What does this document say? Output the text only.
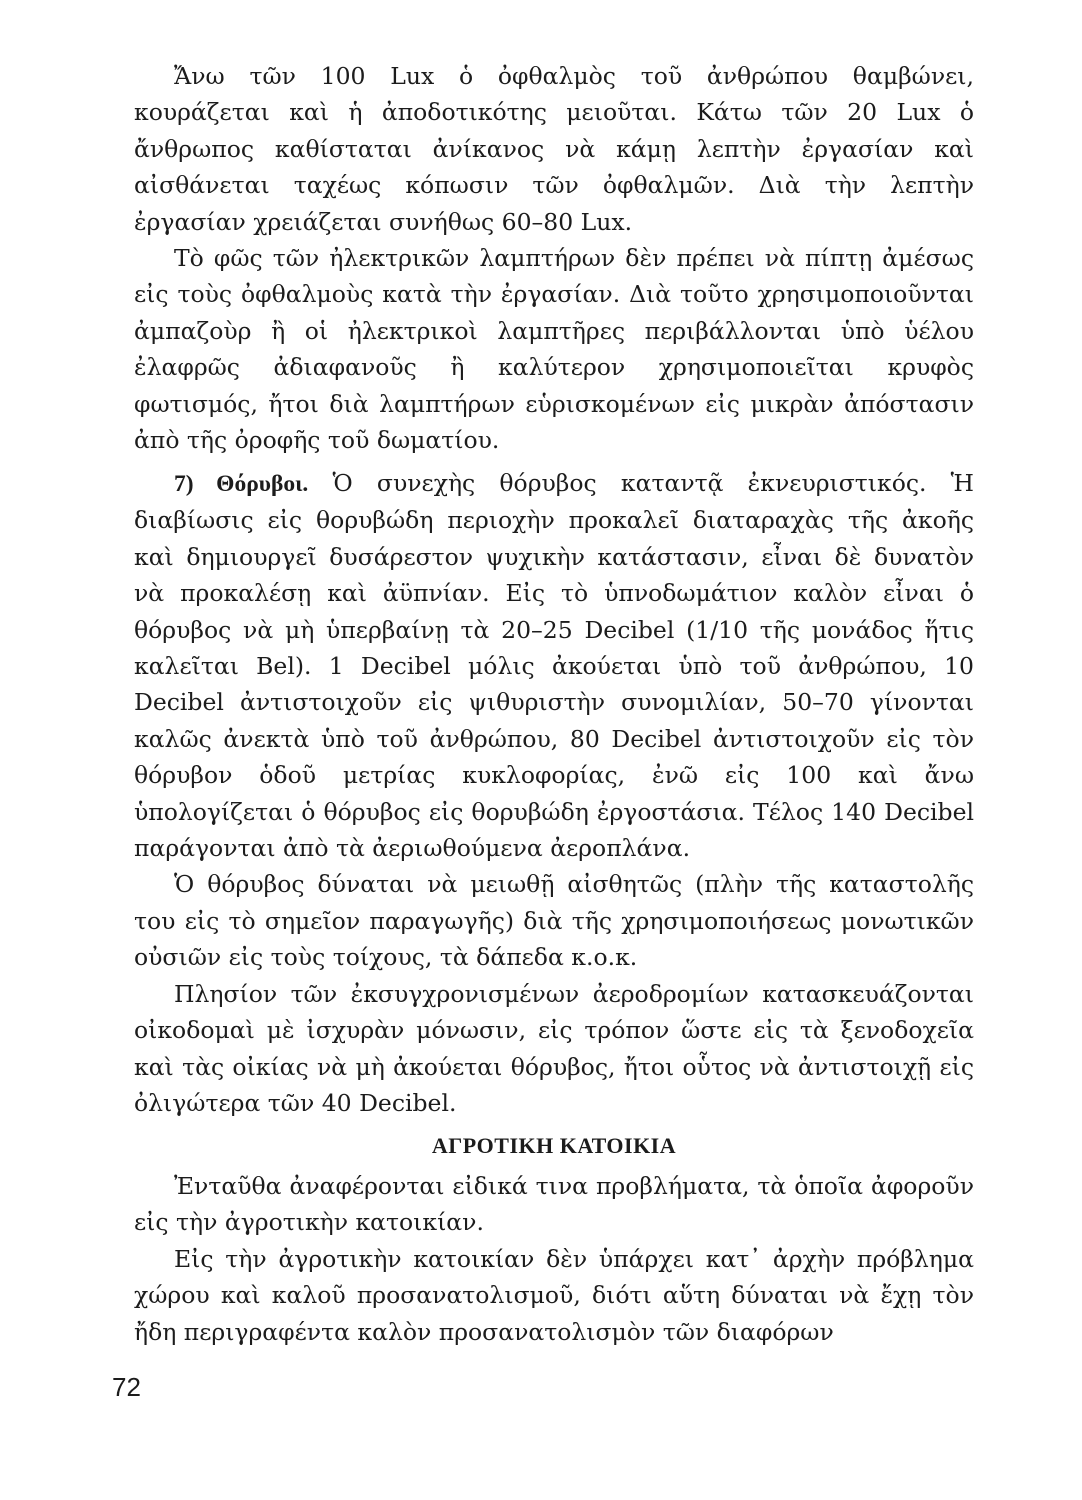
Ἄνω τῶν 100 Lux ὁ ὀφθαλμὸς τοῦ ἀνθρώπου θαμβώνει, κουράζεται καὶ ἡ ἀποδοτικότης μειοῦται. Κάτω τῶν 20 Lux ὁ ἄνθρωπος καθίσταται ἀνίκανος νὰ κάμῃ λεπτὴν ἐργασίαν καὶ αἰσθάνεται ταχέως κόπωσιν τῶν ὀφθαλμῶν. Διὰ τὴν λεπτὴν ἐργασίαν χρειάζεται συνήθως 60–80 Lux.

Τὸ φῶς τῶν ἠλεκτρικῶν λαμπτήρων δὲν πρέπει νὰ πίπτῃ ἀμέσως εἰς τοὺς ὀφθαλμοὺς κατὰ τὴν ἐργασίαν. Διὰ τοῦτο χρησιμοποιοῦνται ἀμπαζοὺρ ἢ οἱ ἠλεκτρικοὶ λαμπτῆρες περιβάλλονται ὑπὸ ὑέλου ἐλαφρῶς ἀδιαφανοῦς ἢ καλύτερον χρησιμοποιεῖται κρυφὸς φωτισμός, ἤτοι διὰ λαμπτήρων εὑρισκομένων εἰς μικρὰν ἀπόστασιν ἀπὸ τῆς ὀροφῆς τοῦ δωματίου.

7) Θόρυβοι. Ὁ συνεχὴς θόρυβος καταντᾷ ἐκνευριστικός. Ἡ διαβίωσις εἰς θορυβώδη περιοχὴν προκαλεῖ διαταραχὰς τῆς ἀκοῆς καὶ δημιουργεῖ δυσάρεστον ψυχικὴν κατάστασιν, εἶναι δὲ δυνατὸν νὰ προκαλέσῃ καὶ ἀϋπνίαν. Εἰς τὸ ὑπνοδωμάτιον καλὸν εἶναι ὁ θόρυβος νὰ μὴ ὑπερβαίνῃ τὰ 20–25 Decibel (1/10 τῆς μονάδος ἥτις καλεῖται Bel). 1 Decibel μόλις ἀκούεται ὑπὸ τοῦ ἀνθρώπου, 10 Decibel ἀντιστοιχοῦν εἰς ψιθυριστὴν συνομιλίαν, 50–70 γίνονται καλῶς ἀνεκτὰ ὑπὸ τοῦ ἀνθρώπου, 80 Decibel ἀντιστοιχοῦν εἰς τὸν θόρυβον ὁδοῦ μετρίας κυκλοφορίας, ἐνῶ εἰς 100 καὶ ἄνω ὑπολογίζεται ὁ θόρυβος εἰς θορυβώδη ἐργοστάσια. Τέλος 140 Decibel παράγονται ἀπὸ τὰ ἀεριωθούμενα ἀεροπλάνα.

Ὁ θόρυβος δύναται νὰ μειωθῇ αἰσθητῶς (πλὴν τῆς καταστολῆς του εἰς τὸ σημεῖον παραγωγῆς) διὰ τῆς χρησιμοποιήσεως μονωτικῶν οὐσιῶν εἰς τοὺς τοίχους, τὰ δάπεδα κ.ο.κ.

Πλησίον τῶν ἐκσυγχρονισμένων ἀεροδρομίων κατασκευάζονται οἰκοδομαὶ μὲ ἰσχυρὰν μόνωσιν, εἰς τρόπον ὥστε εἰς τὰ ξενοδοχεῖα καὶ τὰς οἰκίας νὰ μὴ ἀκούεται θόρυβος, ἤτοι οὗτος νὰ ἀντιστοιχῇ εἰς ὀλιγώτερα τῶν 40 Decibel.

ΑΓΡΟΤΙΚΗ ΚΑΤΟΙΚΙΑ

Ἐνταῦθα ἀναφέρονται εἰδικά τινα προβλήματα, τὰ ὁποῖα ἀφοροῦν εἰς τὴν ἀγροτικὴν κατοικίαν.

Εἰς τὴν ἀγροτικὴν κατοικίαν δὲν ὑπάρχει κατ᾽ ἀρχὴν πρόβλημα χώρου καὶ καλοῦ προσανατολισμοῦ, διότι αὕτη δύναται νὰ ἔχῃ τὸν ἤδη περιγραφέντα καλὸν προσανατολισμὸν τῶν διαφόρων

72
